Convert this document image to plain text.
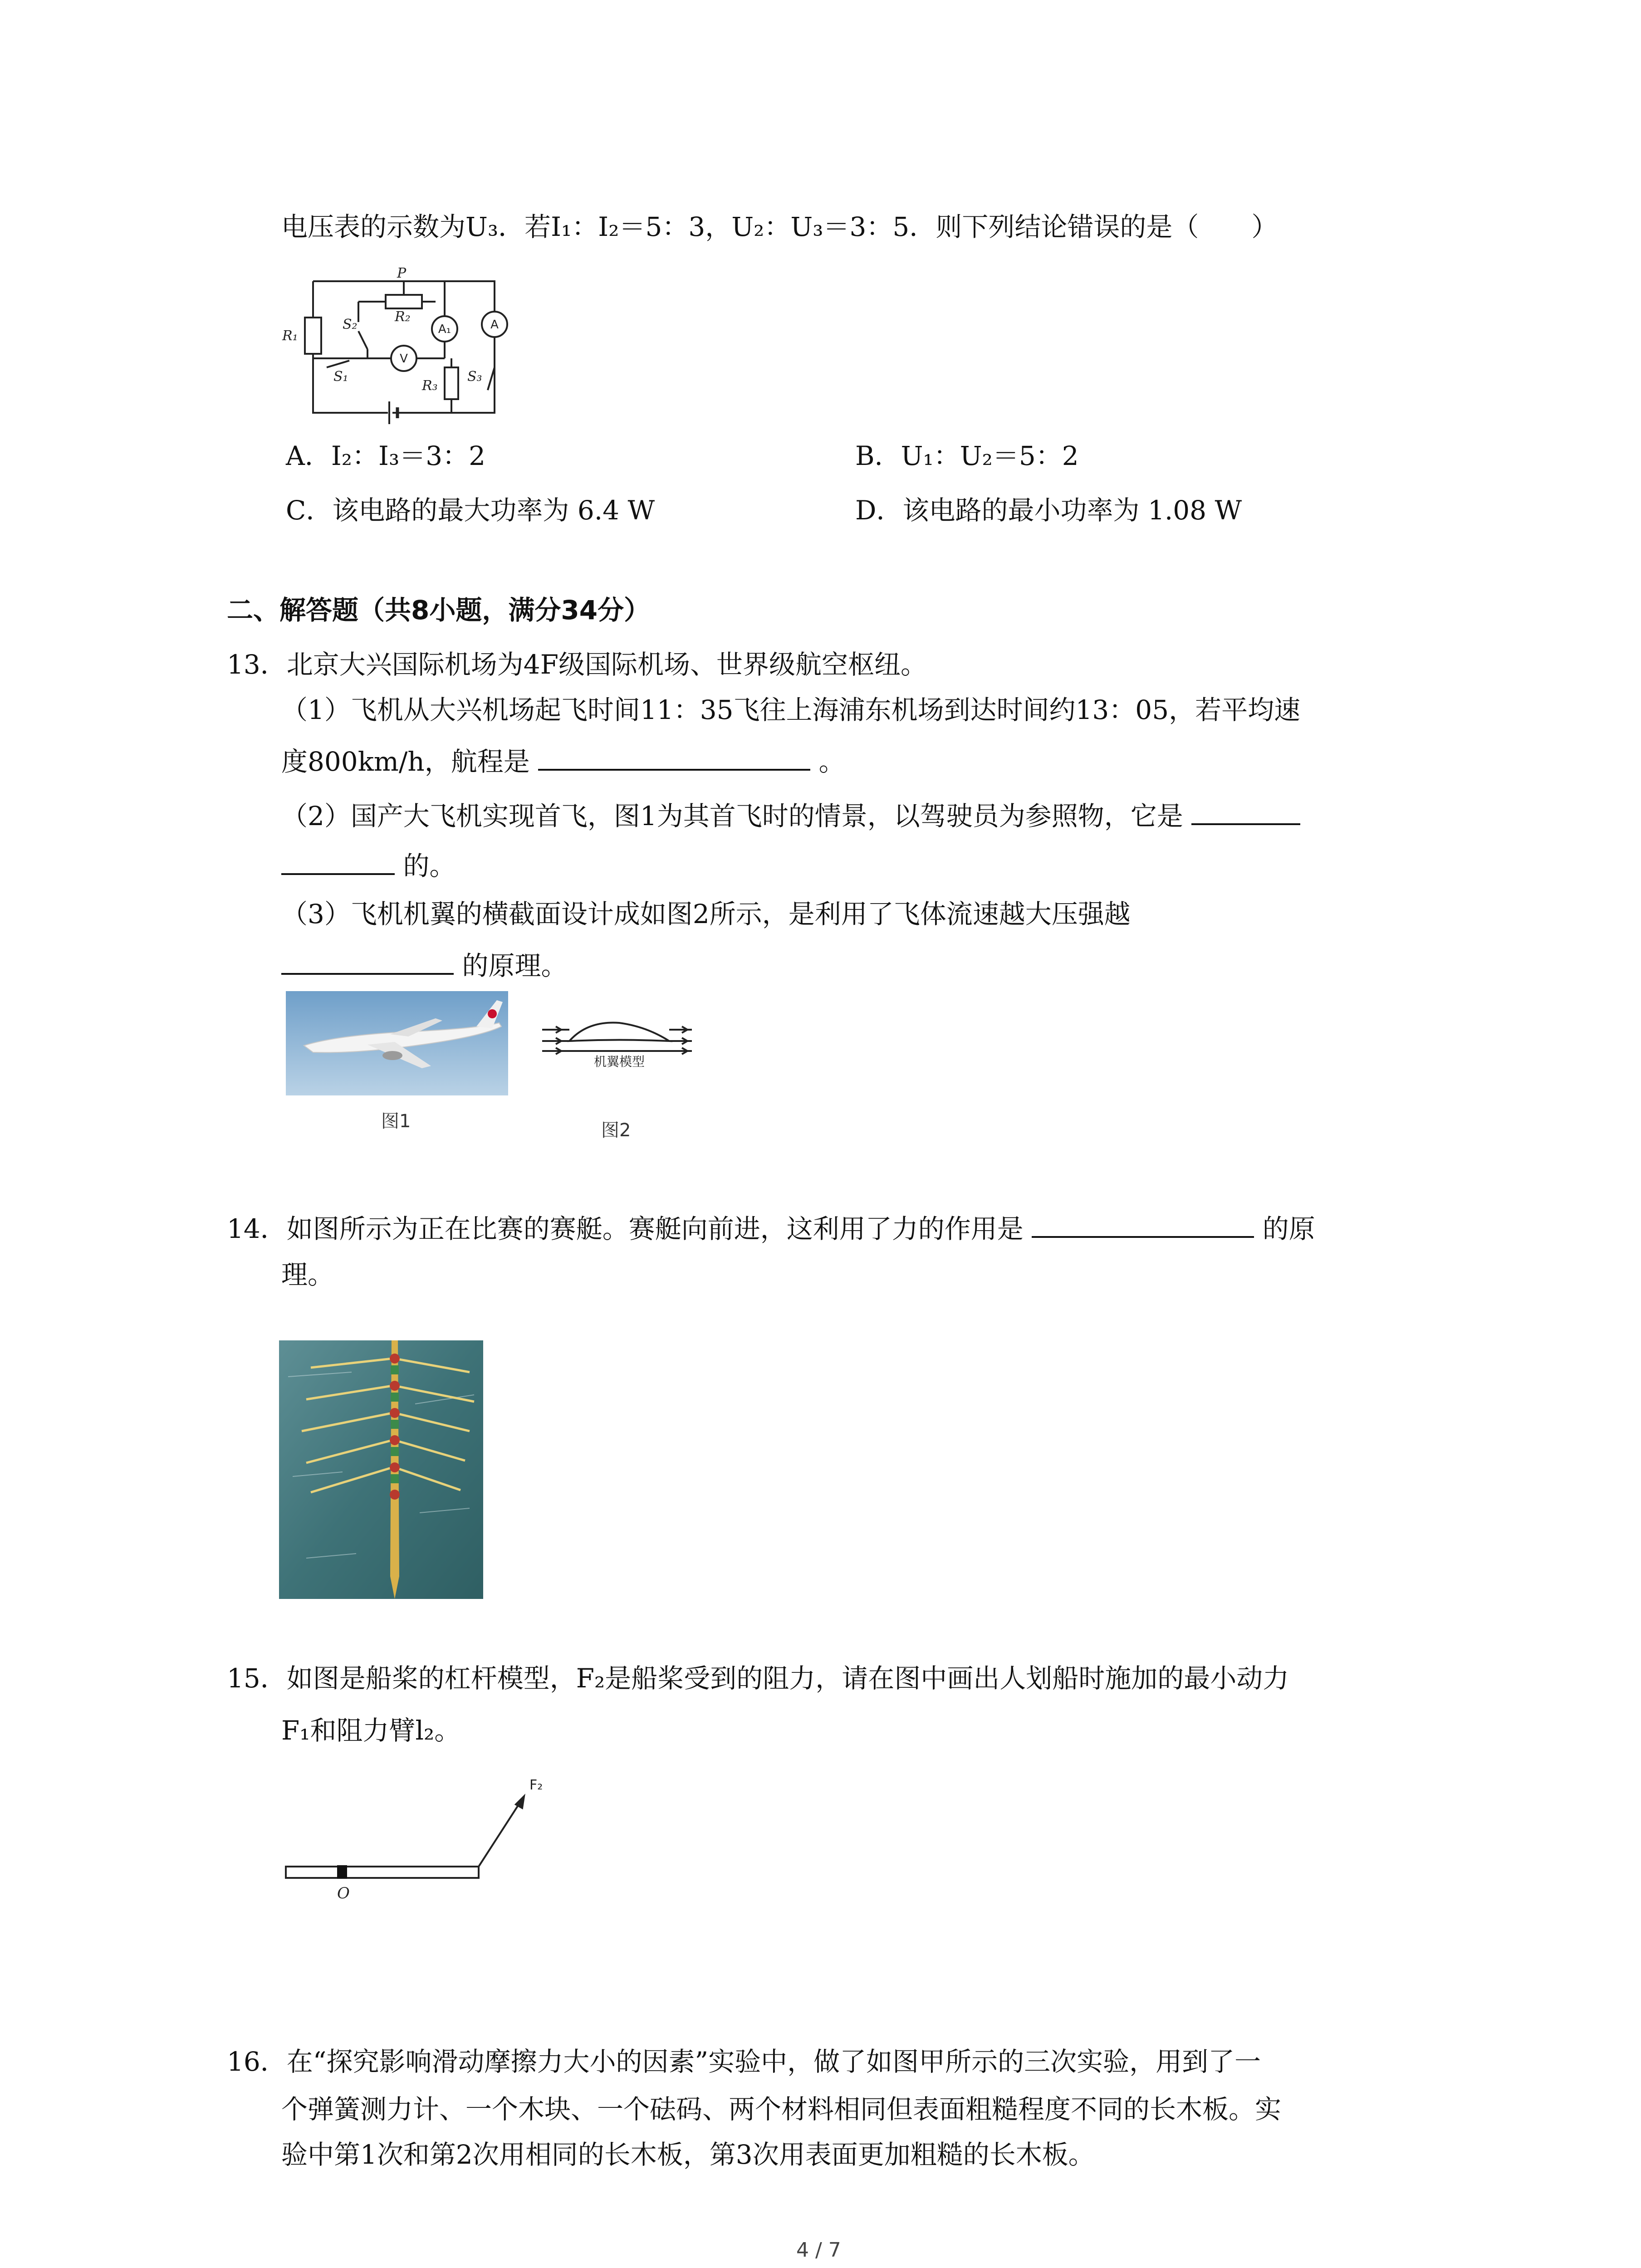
电压表的示数为U₃．若I₁：I₂＝5：3，U₂：U₃＝3：5．则下列结论错误的是（　　）
P
R₁
R₂
R₃
S₁
S₂
S₃
A₁	A
V
A．I₂：I₃＝3：2	B．U₁：U₂＝5：2
C．该电路的最大功率为 6.4 W	D．该电路的最小功率为 1.08 W
二、解答题（共8小题，满分34分）
13．北京大兴国际机场为4F级国际机场、世界级航空枢纽。
（1）飞机从大兴机场起飞时间11：35飞往上海浦东机场到达时间约13：05，若平均速
度800km/h，航程是	。
（2）国产大飞机实现首飞，图1为其首飞时的情景，以驾驶员为参照物，它是
的。
（3）飞机机翼的横截面设计成如图2所示，是利用了飞体流速越大压强越
的原理。
图1
机翼模型
图2
14．如图所示为正在比赛的赛艇。赛艇向前进，这利用了力的作用是	的原
理。
15．如图是船桨的杠杆模型，F₂是船桨受到的阻力，请在图中画出人划船时施加的最小动力
F₁和阻力臂l₂。
F₂
O
16．在“探究影响滑动摩擦力大小的因素”实验中，做了如图甲所示的三次实验，用到了一
个弹簧测力计、一个木块、一个砝码、两个材料相同但表面粗糙程度不同的长木板。实
验中第1次和第2次用相同的长木板，第3次用表面更加粗糙的长木板。
4 / 7
